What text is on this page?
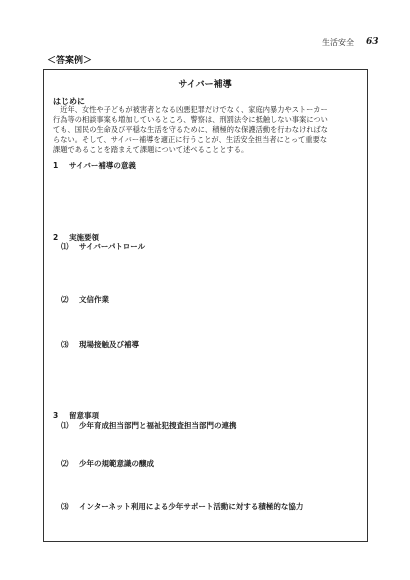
生活安全 63
＜答案例＞
サイバー補導
はじめに
　近年、女性や子どもが被害者となる凶悪犯罪だけでなく、家庭内暴力やストーカー
行為等の相談事案も増加しているところ、警察は、刑罰法令に抵触しない事案につい
ても、国民の生命及び平穏な生活を守るために、積極的な保護活動を行わなければな
らない。そして、サイバー補導を適正に行うことが、生活安全担当者にとって重要な
課題であることを踏まえて課題について述べることとする。
1 サイバー補導の意義
2 実施要領
⑴ サイバーパトロール
⑵ 文信作業
⑶ 現場接触及び補導
3 留意事項
⑴ 少年育成担当部門と福祉犯捜査担当部門の連携
⑵ 少年の規範意識の醸成
⑶ インターネット利用による少年サポート活動に対する積極的な協力
